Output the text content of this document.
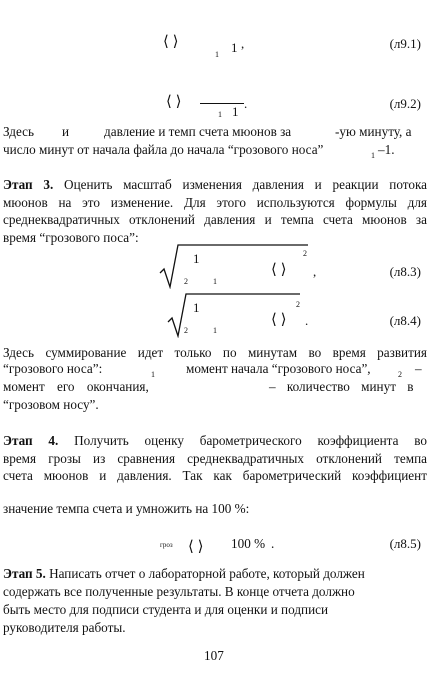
⟨ ⟩
1 1 ,	(л9.1)
⟨ ⟩
1 1
.	(л9.2)
Здесь и	давление и темп счета мюонов за	-ую минуту, а
число минут от начала файла до начала “грозового носа”	1 –1.
Этап 3. Оценить масштаб изменения давления и реакции потока
мюонов на это изменение. Для этого используются формулы для
среднеквадратичных отклонений давления и темпа счета мюонов за
время “грозового поса”:
1
2	1
⟨ ⟩
2
,	(л8.3)
1
2	1
⟨ ⟩
2
.	(л8.4)
Здесь суммирование идет только по минутам во время развития
“грозового носа”:	1 момент начала “грозового носа”,	2 –
момент его окончания,	– количество минут в
“грозовом носу”.
Этап 4. Получить оценку барометрического коэффициента во
время грозы из сравнения среднеквадратичных отклонений темпа
счета мюонов и давления. Так как барометрический коэффициент
значение темпа счета и умножить на 100 %:
гроз ⟨ ⟩ 100 % .	(л8.5)
Этап 5. Написать отчет о лабораторной работе, который должен
содержать все полученные результаты. В конце отчета должно
быть место для подписи студента и для оценки и подписи
руководителя работы.
107
